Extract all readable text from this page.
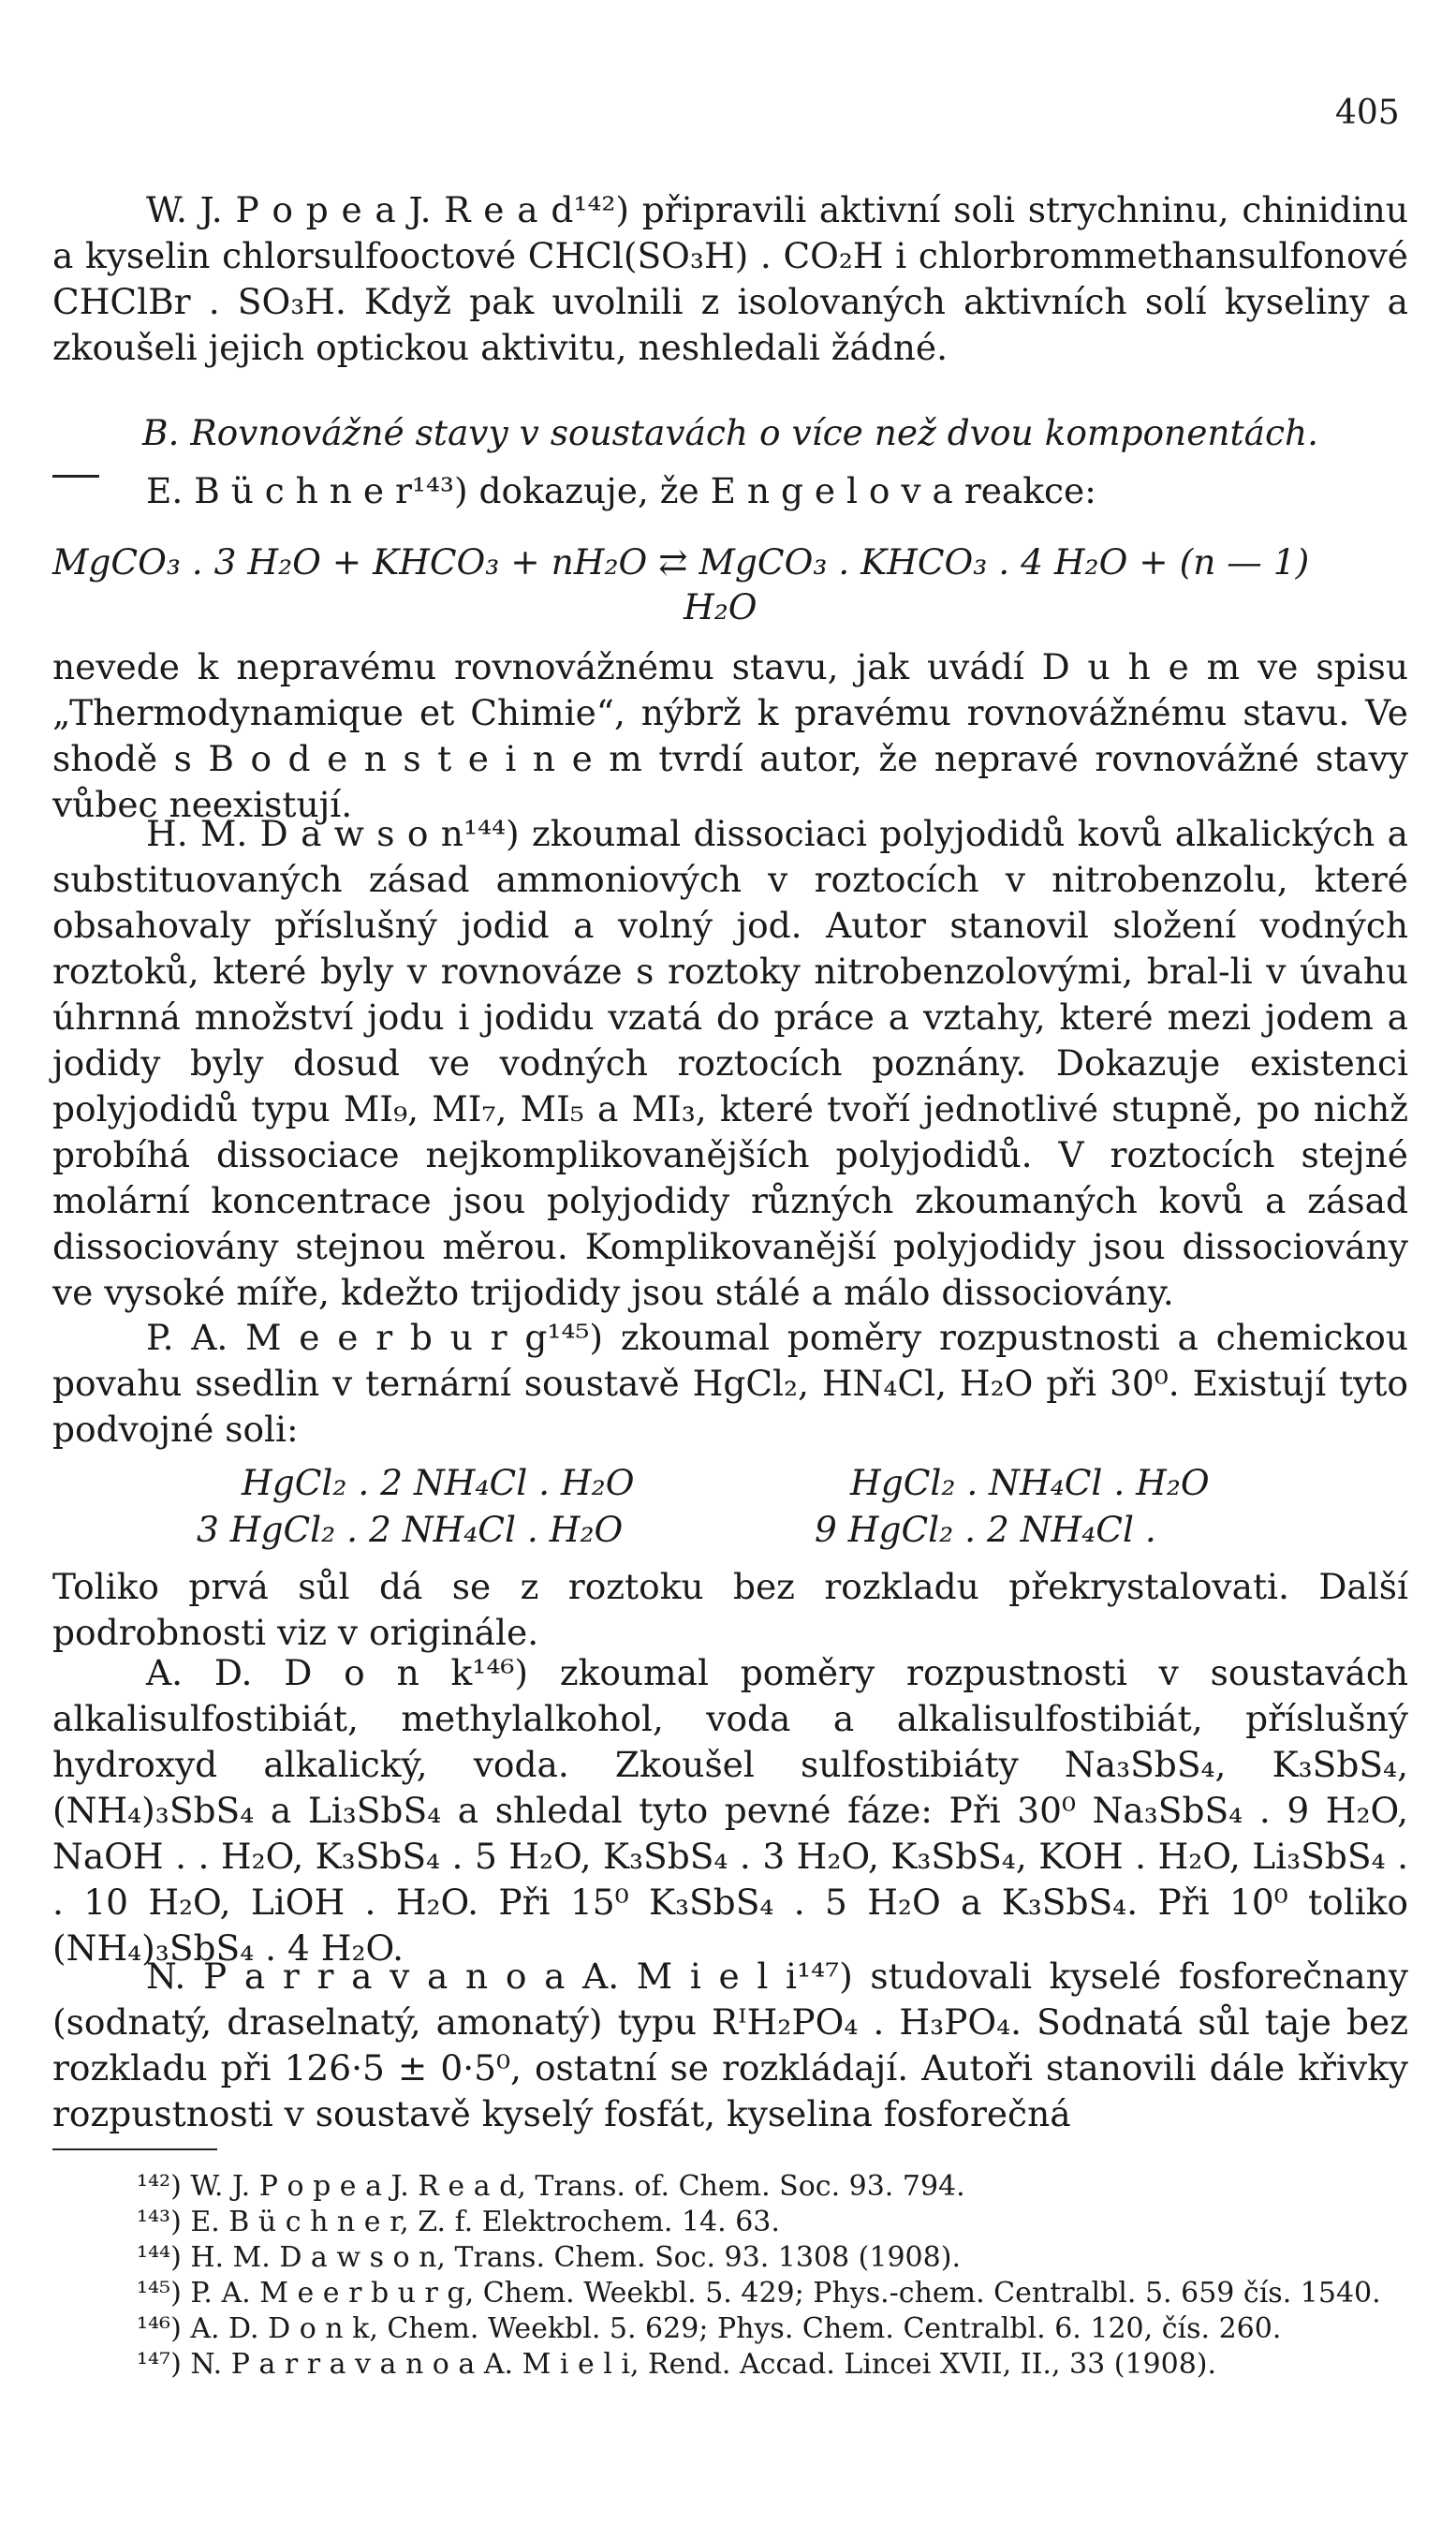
405

W. J. P o p e a J. R e a d¹⁴²) připravili aktivní soli strychninu, chinidinu a kyselin chlorsulfooctové CHCl(SO₃H) . CO₂H i chlorbrommethansulfonové CHClBr . SO₃H. Když pak uvolnili z isolovaných aktivních solí kyseliny a zkoušeli jejich optickou aktivitu, neshledali žádné.

B. Rovnovážné stavy v soustavách o více než dvou komponentách.

E. B ü c h n e r¹⁴³) dokazuje, že E n g e l o v a reakce:

MgCO₃ . 3 H₂O + KHCO₃ + nH₂O ⇄ MgCO₃ . KHCO₃ . 4 H₂O + (n — 1)
H₂O

nevede k nepravému rovnovážnému stavu, jak uvádí D u h e m ve spisu „Thermodynamique et Chimie“, nýbrž k pravému rovnovážnému stavu. Ve shodě s B o d e n s t e i n e m tvrdí autor, že nepravé rovnovážné stavy vůbec neexistují.

H. M. D a w s o n¹⁴⁴) zkoumal dissociaci polyjodidů kovů alkalických a substituovaných zásad ammoniových v roztocích v nitrobenzolu, které obsahovaly příslušný jodid a volný jod. Autor stanovil složení vodných roztoků, které byly v rovnováze s roztoky nitrobenzolovými, bral-li v úvahu úhrnná množství jodu i jodidu vzatá do práce a vztahy, které mezi jodem a jodidy byly dosud ve vodných roztocích poznány. Dokazuje existenci polyjodidů typu MI₉, MI₇, MI₅ a MI₃, které tvoří jednotlivé stupně, po nichž probíhá dissociace nejkomplikovanějších polyjodidů. V roztocích stejné molární koncentrace jsou polyjodidy různých zkoumaných kovů a zásad dissociovány stejnou měrou. Komplikovanější polyjodidy jsou dissociovány ve vysoké míře, kdežto trijodidy jsou stálé a málo dissociovány.

P. A. M e e r b u r g¹⁴⁵) zkoumal poměry rozpustnosti a chemickou povahu ssedlin v ternární soustavě HgCl₂, HN₄Cl, H₂O při 30⁰. Existují tyto podvojné soli:

HgCl₂ . 2 NH₄Cl . H₂O
3 HgCl₂ . 2 NH₄Cl . H₂O
HgCl₂ . NH₄Cl . H₂O
9 HgCl₂ . 2 NH₄Cl .

Toliko prvá sůl dá se z roztoku bez rozkladu překrystalovati. Další podrobnosti viz v originále.

A. D. D o n k¹⁴⁶) zkoumal poměry rozpustnosti v soustavách alkalisulfostibiát, methylalkohol, voda a alkalisulfostibiát, příslušný hydroxyd alkalický, voda. Zkoušel sulfostibiáty Na₃SbS₄, K₃SbS₄, (NH₄)₃SbS₄ a Li₃SbS₄ a shledal tyto pevné fáze: Při 30⁰ Na₃SbS₄ . 9 H₂O, NaOH . . H₂O, K₃SbS₄ . 5 H₂O, K₃SbS₄ . 3 H₂O, K₃SbS₄, KOH . H₂O, Li₃SbS₄ . . 10 H₂O, LiOH . H₂O. Při 15⁰ K₃SbS₄ . 5 H₂O a K₃SbS₄. Při 10⁰ toliko (NH₄)₃SbS₄ . 4 H₂O.

N. P a r r a v a n o a A. M i e l i¹⁴⁷) studovali kyselé fosforečnany (sodnatý, draselnatý, amonatý) typu RᴵH₂PO₄ . H₃PO₄. Sodnatá sůl taje bez rozkladu při 126·5 ± 0·5⁰, ostatní se rozkládají. Autoři stanovili dále křivky rozpustnosti v soustavě kyselý fosfát, kyselina fosforečná

¹⁴²) W. J. P o p e a J. R e a d, Trans. of. Chem. Soc. 93. 794.
¹⁴³) E. B ü c h n e r, Z. f. Elektrochem. 14. 63.
¹⁴⁴) H. M. D a w s o n, Trans. Chem. Soc. 93. 1308 (1908).
¹⁴⁵) P. A. M e e r b u r g, Chem. Weekbl. 5. 429; Phys.-chem. Centralbl. 5. 659 čís. 1540.
¹⁴⁶) A. D. D o n k, Chem. Weekbl. 5. 629; Phys. Chem. Centralbl. 6. 120, čís. 260.
¹⁴⁷) N. P a r r a v a n o a A. M i e l i, Rend. Accad. Lincei XVII, II., 33 (1908).
